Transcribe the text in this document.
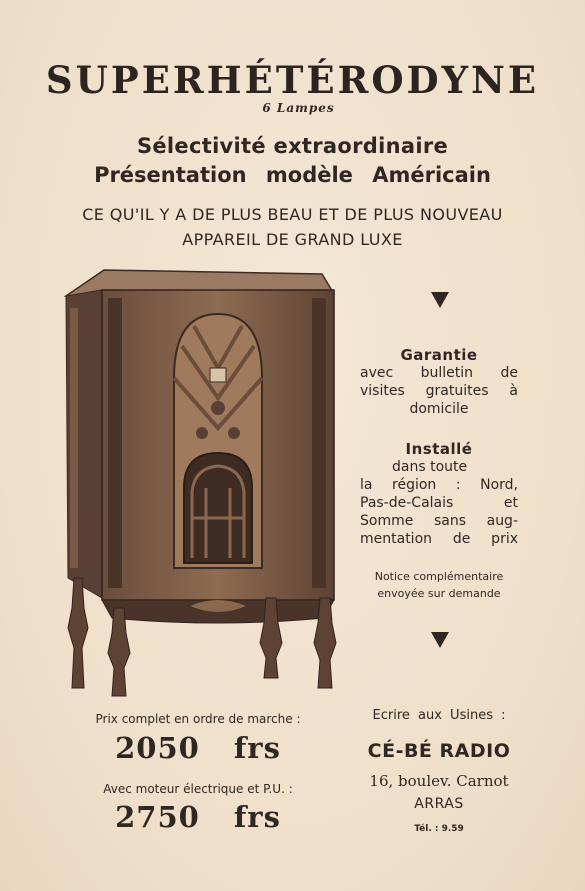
SUPERHÉTÉRODYNE
6 Lampes
Sélectivité extraordinaire
Présentation modèle Américain
CE QU'IL Y A DE PLUS BEAU ET DE PLUS NOUVEAU
APPAREIL DE GRAND LUXE
Garantie
avec bulletin de
visites gratuites à
domicile
Installé
dans toute
la région : Nord,
Pas-de-Calais et
Somme sans aug-
mentation de prix
Notice complémentaire
envoyée sur demande
Prix complet en ordre de marche :
2050 frs
Avec moteur électrique et P.U. :
2750 frs
Ecrire aux Usines :
CÉ-BÉ RADIO
16, boulev. Carnot
ARRAS
Tél. : 9.59
